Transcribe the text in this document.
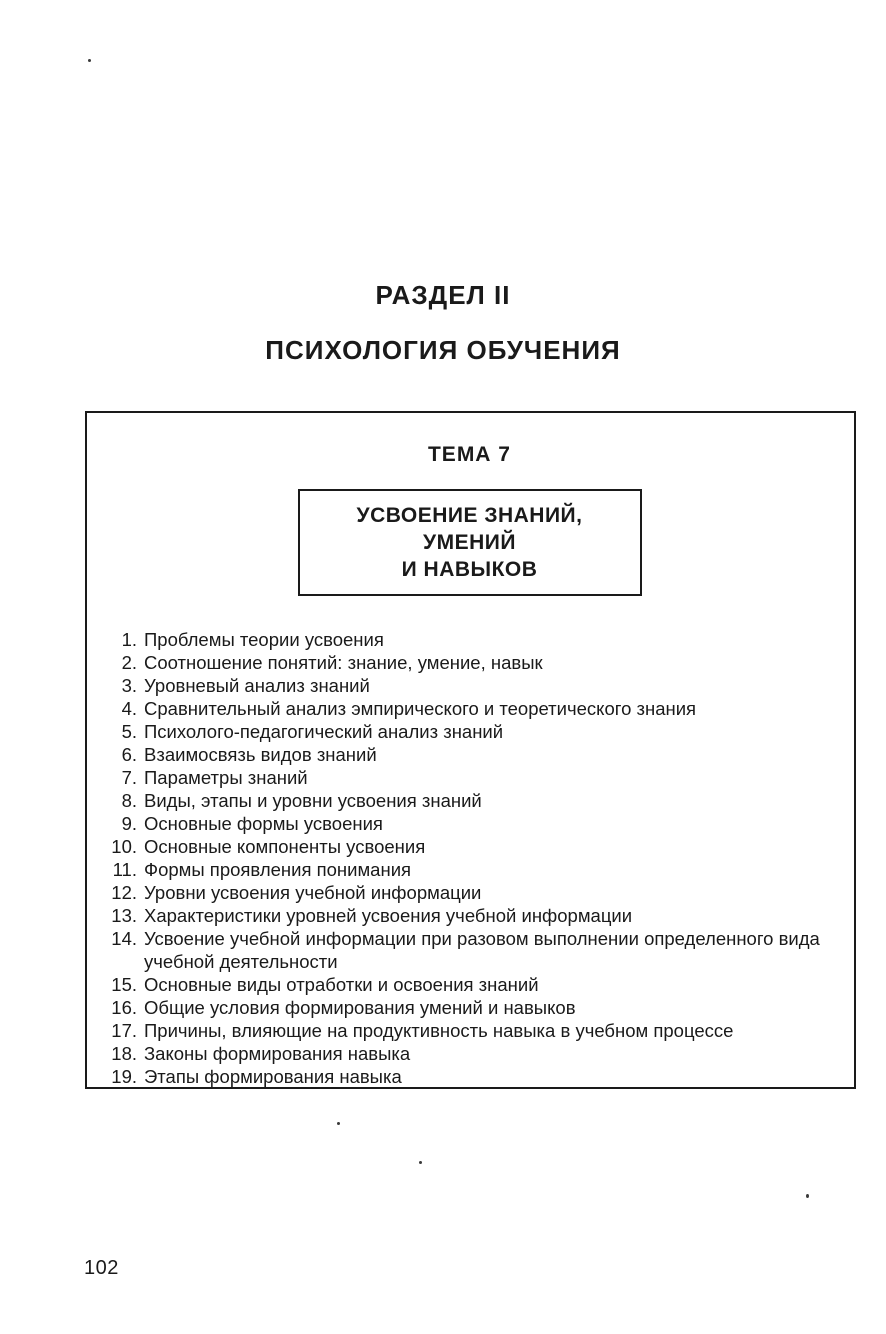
РАЗДЕЛ II
ПСИХОЛОГИЯ ОБУЧЕНИЯ
ТЕМА 7
УСВОЕНИЕ ЗНАНИЙ,
УМЕНИЙ
И НАВЫКОВ
1. Проблемы теории усвоения
2. Соотношение понятий: знание, умение, навык
3. Уровневый анализ знаний
4. Сравнительный анализ эмпирического и теоретического знания
5. Психолого-педагогический анализ знаний
6. Взаимосвязь видов знаний
7. Параметры знаний
8. Виды, этапы и уровни усвоения знаний
9. Основные формы усвоения
10. Основные компоненты усвоения
11. Формы проявления понимания
12. Уровни усвоения учебной информации
13. Характеристики уровней усвоения учебной информации
14. Усвоение учебной информации при разовом выполнении определенного вида учебной деятельности
15. Основные виды отработки и освоения знаний
16. Общие условия формирования умений и навыков
17. Причины, влияющие на продуктивность навыка в учебном процессе
18. Законы формирования навыка
19. Этапы формирования навыка
102
